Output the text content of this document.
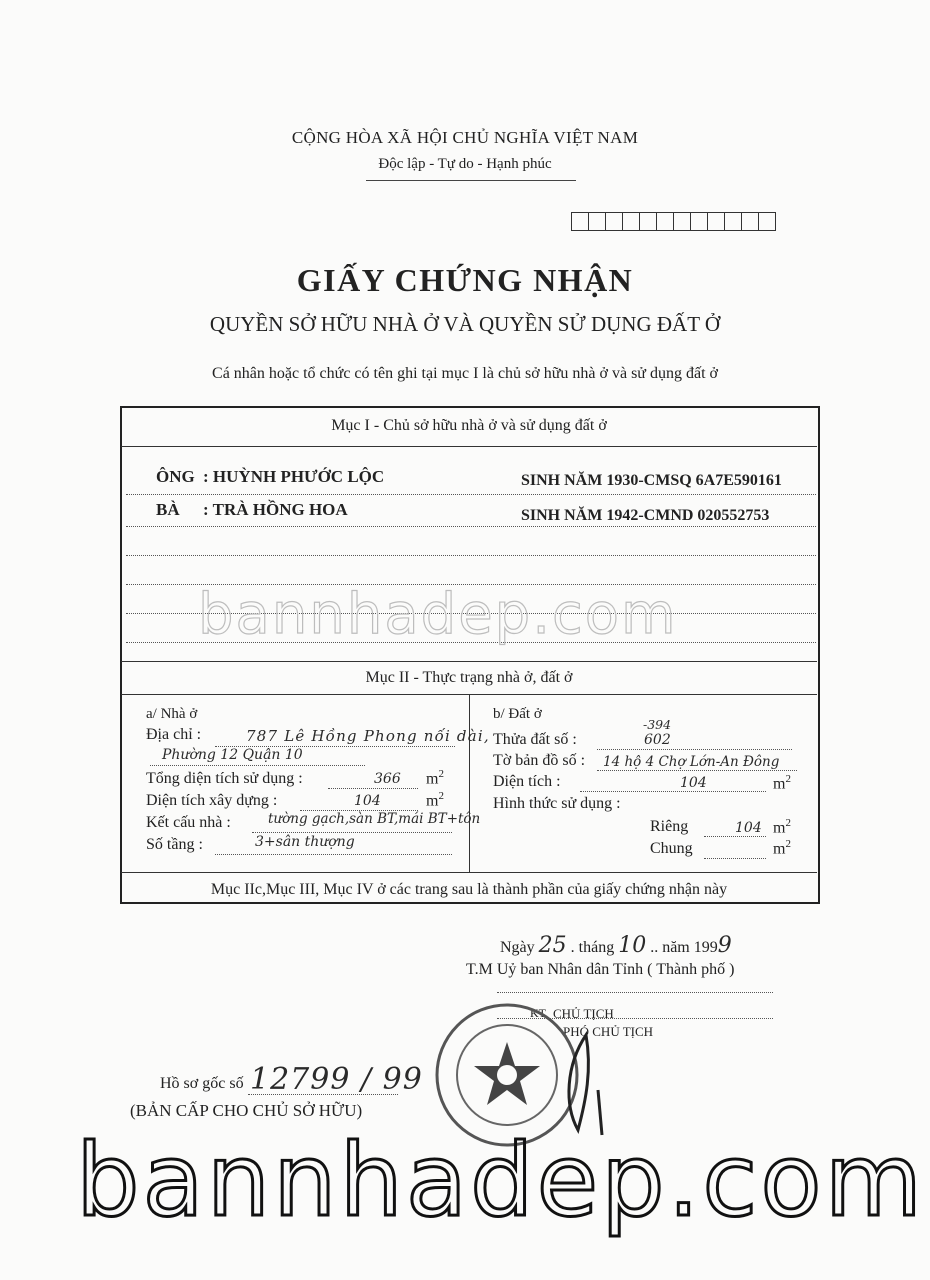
CỘNG HÒA XÃ HỘI CHỦ NGHĨA VIỆT NAM
Độc lập - Tự do - Hạnh phúc
GIẤY CHỨNG NHẬN
QUYỀN SỞ HỮU NHÀ Ở VÀ QUYỀN SỬ DỤNG ĐẤT Ở
Cá nhân hoặc tổ chức có tên ghi tại mục I là chủ sở hữu nhà ở và sử dụng đất ở
Mục I - Chủ sở hữu nhà ở và sử dụng đất ở
ÔNG : HUỲNH PHƯỚC LỘC	SINH NĂM 1930-CMSQ 6A7E590161
BÀ : TRÀ HỒNG HOA	SINH NĂM 1942-CMND 020552753
Mục II - Thực trạng nhà ở, đất ở
a/ Nhà ở
Địa chỉ :	787 Lê Hồng Phong nối dài,
Phường 12 Quận 10
Tổng diện tích sử dụng :	366 $m^2$
Diện tích xây dựng :	104	$m^2$
Kết cấu nhà :	tường gạch,sàn BT,mái BT+tôn
Số tầng :	3+sân thượng
b/ Đất ở
-394
Thửa đất số :	602
Tờ bản đồ số : 14 hộ 4 Chợ Lớn-An Đông
Diện tích :	104	$m^2$
Hình thức sử dụng :
Riêng	104 $m^2$
Chung	$m^2$
Mục IIc,Mục III, Mục IV ở các trang sau là thành phần của giấy chứng nhận này
Ngày 25 . tháng 10 .. năm 1999
T.M Uỷ ban Nhân dân Tỉnh ( Thành phố )
KT. CHỦ TỊCH
PHÓ CHỦ TỊCH
Hồ sơ gốc số 12799 / 99
(BẢN CẤP CHO CHỦ SỞ HỮU)
bannhadep.com
bannhadep.com
